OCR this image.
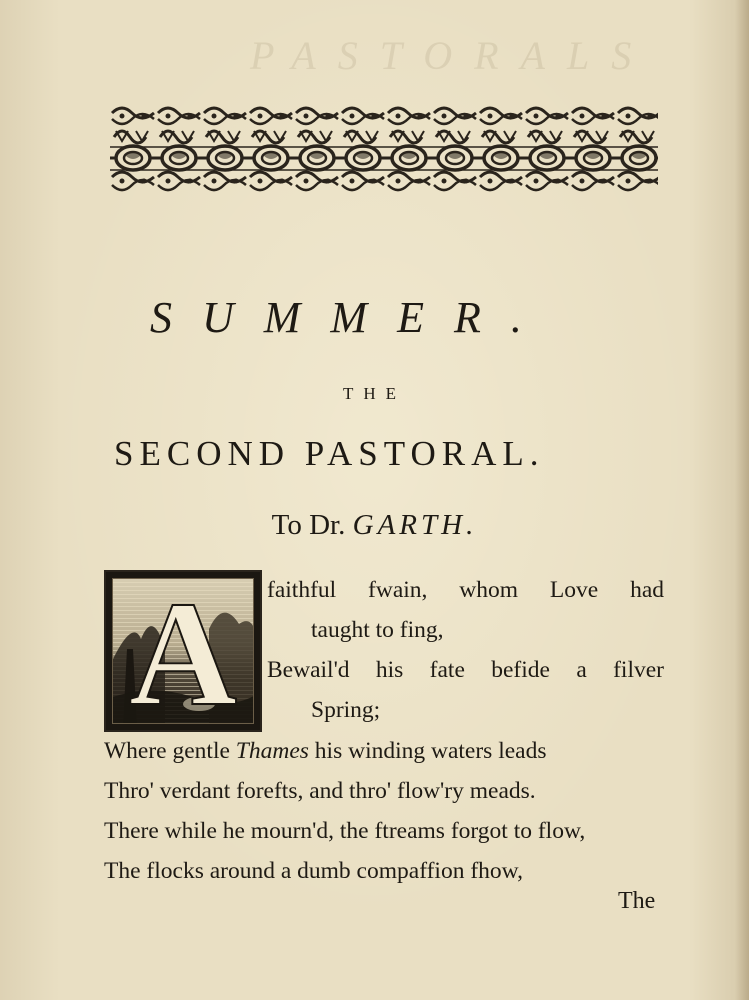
PASTORALS
SUMMER.
THE
SECOND PASTORAL.
To Dr. GARTH.
A	faithful fwain, whom Love had
taught to fing,
Bewail'd his fate befide a filver
Spring;
Where gentle Thames his winding waters leads
Thro' verdant forefts, and thro' flow'ry meads.
There while he mourn'd, the ftreams forgot to flow,
The flocks around a dumb compaffion fhow,
The
